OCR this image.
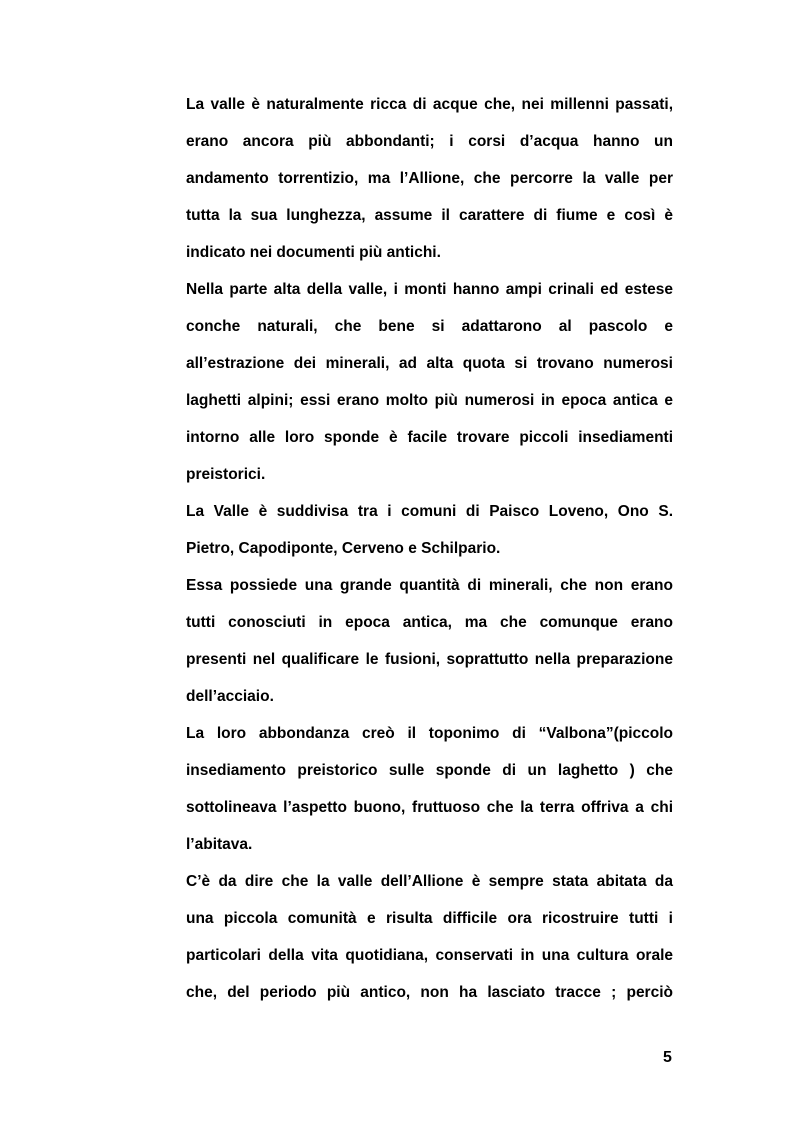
La valle è naturalmente ricca di acque che, nei millenni passati,
erano ancora più abbondanti; i corsi d’acqua hanno un
andamento torrentizio, ma l’Allione, che percorre la valle per
tutta la sua lunghezza, assume il carattere di fiume e così è
indicato nei documenti più antichi.
Nella parte alta della valle, i monti hanno ampi crinali ed estese
conche naturali, che bene si adattarono al pascolo e
all’estrazione dei minerali, ad alta quota si trovano numerosi
laghetti alpini; essi erano molto più numerosi in epoca antica e
intorno alle loro sponde è facile trovare piccoli insediamenti
preistorici.
La Valle è suddivisa tra i comuni di Paisco Loveno, Ono S.
Pietro, Capodiponte, Cerveno e Schilpario.
Essa possiede una grande quantità di minerali, che non erano
tutti conosciuti in epoca antica, ma che comunque erano
presenti nel qualificare le fusioni, soprattutto nella preparazione
dell’acciaio.
La loro abbondanza creò il toponimo di “Valbona”(piccolo
insediamento preistorico sulle sponde di un laghetto ) che
sottolineava l’aspetto buono, fruttuoso che la terra offriva a chi
l’abitava.
C’è da dire che la valle dell’Allione è sempre stata abitata da
una piccola comunità e risulta difficile ora ricostruire tutti i
particolari della vita quotidiana, conservati in una cultura orale
che, del periodo più antico, non ha lasciato tracce ; perciò
5
